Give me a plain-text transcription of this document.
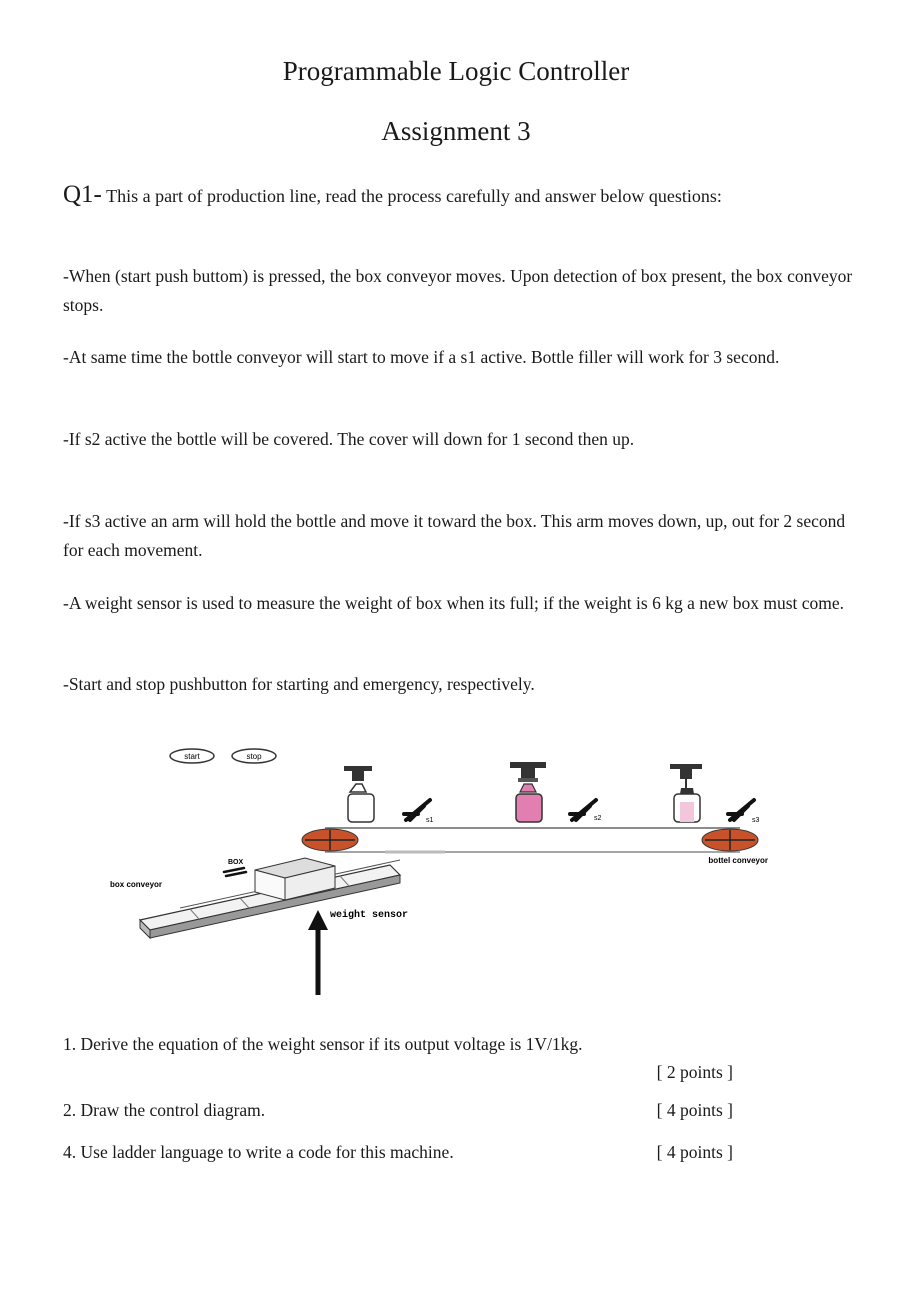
Programmable Logic Controller
Assignment 3
Q1- This a part of production line, read the process carefully and answer below questions:
-When (start push buttom) is pressed, the box conveyor moves. Upon detection of box present, the box conveyor stops.
-At same time the bottle conveyor will start to move if a s1 active. Bottle filler will work for 3 second.
-If s2 active the bottle will be covered. The cover will down for 1 second then up.
-If s3 active an arm will hold the bottle and move it toward the box. This arm moves down, up, out for 2 second for each movement.
-A weight sensor is used to measure the weight of box when its full; if the weight is 6 kg a new box must come.
-Start and stop pushbutton for starting and emergency, respectively.
start	stop
bottel conveyor
s1	s2	s3
BOX
box conveyor
weight sensor
1. Derive the equation of the weight sensor if its output voltage is 1V/1kg.
[ 2 points ]
2. Draw the control diagram.	[ 4 points ]
4. Use ladder language to write a code for this machine.	[ 4 points ]
